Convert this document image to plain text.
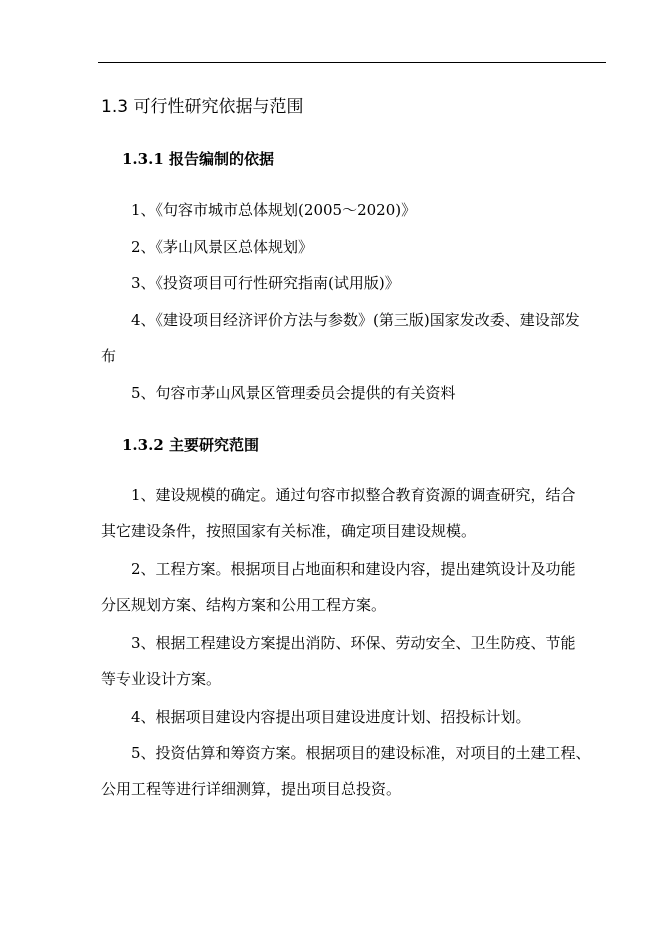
1.3 可行性研究依据与范围
1.3.1 报告编制的依据
1、《句容市城市总体规划(2005～2020)》
2、《茅山风景区总体规划》
3、《投资项目可行性研究指南(试用版)》
4、《建设项目经济评价方法与参数》(第三版)国家发改委、建设部发
布
5、句容市茅山风景区管理委员会提供的有关资料
1.3.2 主要研究范围
1、建设规模的确定。通过句容市拟整合教育资源的调查研究，结合
其它建设条件，按照国家有关标准，确定项目建设规模。
2、工程方案。根据项目占地面积和建设内容，提出建筑设计及功能
分区规划方案、结构方案和公用工程方案。
3、根据工程建设方案提出消防、环保、劳动安全、卫生防疫、节能
等专业设计方案。
4、根据项目建设内容提出项目建设进度计划、招投标计划。
5、投资估算和筹资方案。根据项目的建设标准，对项目的土建工程、
公用工程等进行详细测算，提出项目总投资。
